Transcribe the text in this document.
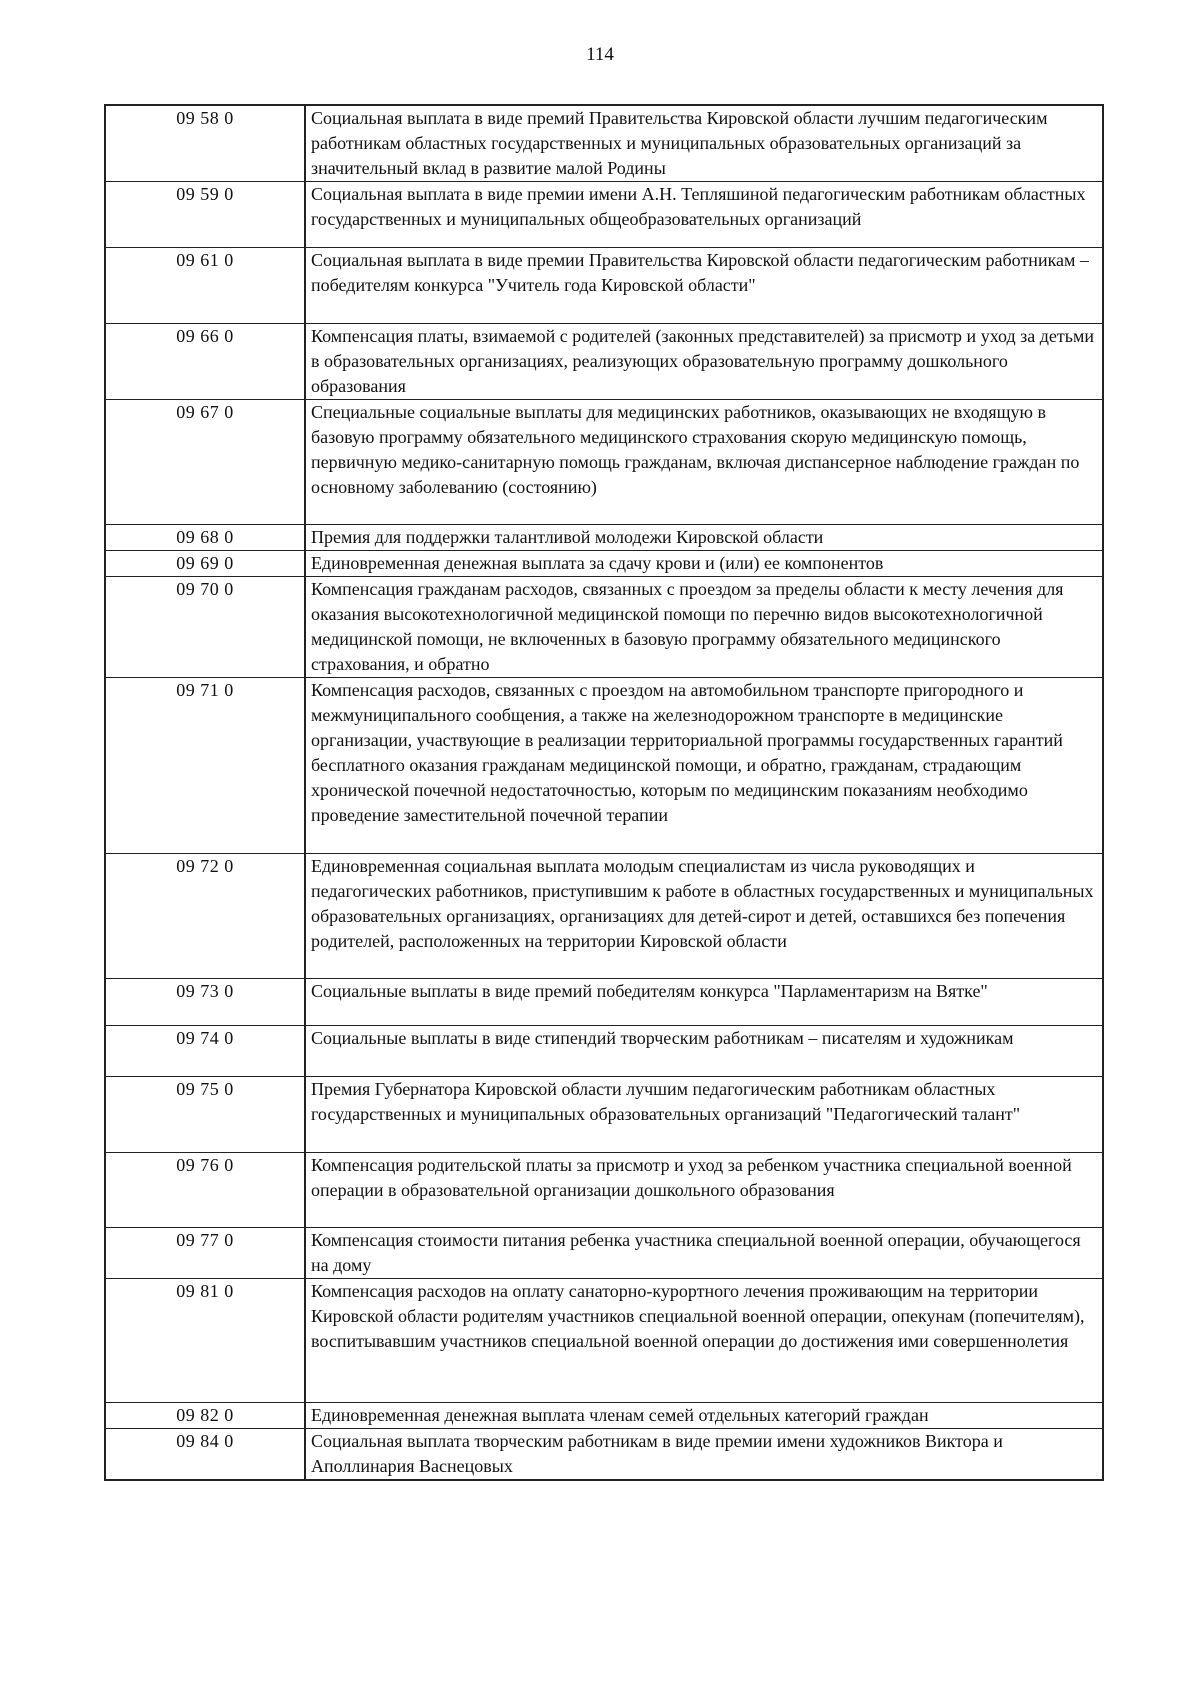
114
09 58 0	Социальная выплата в виде премий Правительства Кировской области лучшим педагогическим работникам областных государственных и муниципальных образовательных организаций за значительный вклад в развитие малой Родины
09 59 0	Социальная выплата в виде премии имени А.Н. Тепляшиной педагогическим работникам областных государственных и муниципальных общеобразовательных организаций
09 61 0	Социальная выплата в виде премии Правительства Кировской области педагогическим работникам – победителям конкурса "Учитель года Кировской области"
09 66 0	Компенсация платы, взимаемой с родителей (законных представителей) за присмотр и уход за детьми в образовательных организациях, реализующих образовательную программу дошкольного образования
09 67 0	Специальные социальные выплаты для медицинских работников, оказывающих не входящую в базовую программу обязательного медицинского страхования скорую медицинскую помощь, первичную медико-санитарную помощь гражданам, включая диспансерное наблюдение граждан по основному заболеванию (состоянию)
09 68 0	Премия для поддержки талантливой молодежи Кировской области
09 69 0	Единовременная денежная выплата за сдачу крови и (или) ее компонентов
09 70 0	Компенсация гражданам расходов, связанных с проездом за пределы области к месту лечения для оказания высокотехнологичной медицинской помощи по перечню видов высокотехнологичной медицинской помощи, не включенных в базовую программу обязательного медицинского страхования, и обратно
09 71 0	Компенсация расходов, связанных с проездом на автомобильном транспорте пригородного и межмуниципального сообщения, а также на железнодорожном транспорте в медицинские организации, участвующие в реализации территориальной программы государственных гарантий бесплатного оказания гражданам медицинской помощи, и обратно, гражданам, страдающим хронической почечной недостаточностью, которым по медицинским показаниям необходимо проведение заместительной почечной терапии
09 72 0	Единовременная социальная выплата молодым специалистам из числа руководящих и педагогических работников, приступившим к работе в областных государственных и муниципальных образовательных организациях, организациях для детей-сирот и детей, оставшихся без попечения родителей, расположенных на территории Кировской области
09 73 0	Социальные выплаты в виде премий победителям конкурса "Парламентаризм на Вятке"
09 74 0	Социальные выплаты в виде стипендий творческим работникам – писателям и художникам
09 75 0	Премия Губернатора Кировской области лучшим педагогическим работникам областных государственных и муниципальных образовательных организаций "Педагогический талант"
09 76 0	Компенсация родительской платы за присмотр и уход за ребенком участника специальной военной операции в образовательной организации дошкольного образования
09 77 0	Компенсация стоимости питания ребенка участника специальной военной операции, обучающегося на дому
09 81 0	Компенсация расходов на оплату санаторно-курортного лечения проживающим на территории Кировской области родителям участников специальной военной операции, опекунам (попечителям), воспитывавшим участников специальной военной операции до достижения ими совершеннолетия
09 82 0	Единовременная денежная выплата членам семей отдельных категорий граждан
09 84 0	Социальная выплата творческим работникам в виде премии имени художников Виктора и Аполлинария Васнецовых
